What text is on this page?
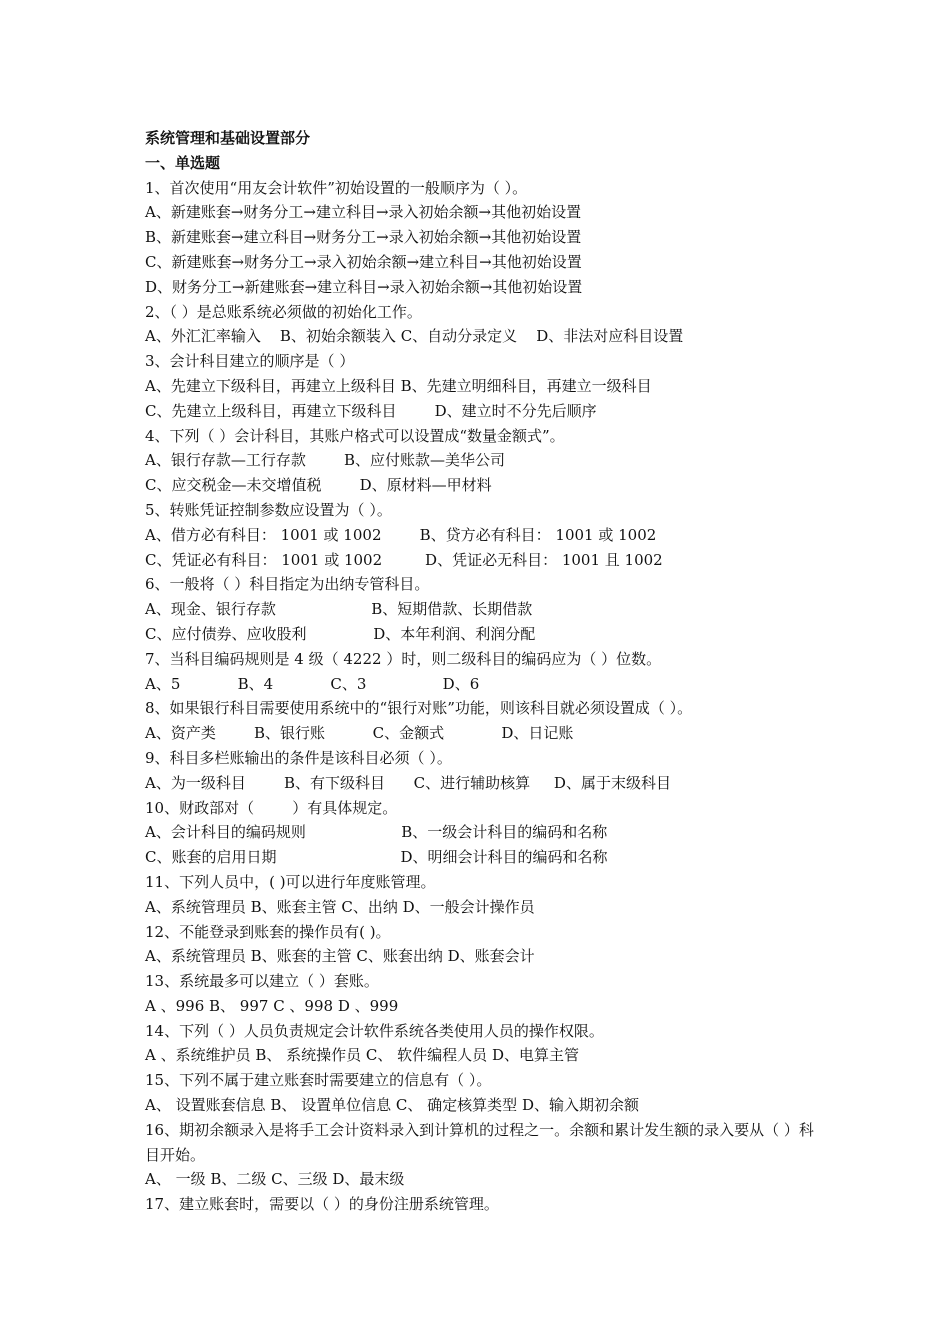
系统管理和基础设置部分
一、单选题
1、首次使用“用友会计软件”初始设置的一般顺序为（ ）。
A、新建账套→财务分工→建立科目→录入初始余额→其他初始设置
B、新建账套→建立科目→财务分工→录入初始余额→其他初始设置
C、新建账套→财务分工→录入初始余额→建立科目→其他初始设置
D、财务分工→新建账套→建立科目→录入初始余额→其他初始设置
2、（ ）是总账系统必须做的初始化工作。
A、外汇汇率输入    B、初始余额装入 C、自动分录定义    D、非法对应科目设置
3、会计科目建立的顺序是（ ）
A、先建立下级科目，再建立上级科目 B、先建立明细科目，再建立一级科目
C、先建立上级科目，再建立下级科目        D、建立时不分先后顺序
4、下列（ ）会计科目，其账户格式可以设置成“数量金额式”。
A、银行存款—工行存款        B、应付账款—美华公司
C、应交税金—未交增值税        D、原材料—甲材料
5、转账凭证控制参数应设置为（ ）。
A、借方必有科目： 1001 或 1002        B、贷方必有科目： 1001 或 1002
C、凭证必有科目： 1001 或 1002         D、凭证必无科目： 1001 且 1002
6、一般将（ ）科目指定为出纳专管科目。
A、现金、银行存款                    B、短期借款、长期借款
C、应付债券、应收股利              D、本年利润、利润分配
7、当科目编码规则是 4 级（ 4222 ）时，则二级科目的编码应为（ ）位数。
A、5            B、4            C、3                D、6
8、如果银行科目需要使用系统中的“银行对账”功能，则该科目就必须设置成（ ）。
A、资产类        B、银行账          C、金额式            D、日记账
9、科目多栏账输出的条件是该科目必须（ ）。
A、为一级科目        B、有下级科目      C、进行辅助核算     D、属于末级科目
10、财政部对（        ）有具体规定。
A、会计科目的编码规则                    B、一级会计科目的编码和名称
C、账套的启用日期                          D、明细会计科目的编码和名称
11、下列人员中，( )可以进行年度账管理。
A、系统管理员 B、账套主管 C、出纳 D、一般会计操作员
12、不能登录到账套的操作员有( )。
A、系统管理员 B、账套的主管 C、账套出纳 D、账套会计
13、系统最多可以建立（ ）套账。
A 、996 B、 997 C 、998 D 、999
14、下列（ ）人员负责规定会计软件系统各类使用人员的操作权限。
A 、系统维护员 B、 系统操作员 C、 软件编程人员 D、电算主管
15、下列不属于建立账套时需要建立的信息有（ ）。
A、 设置账套信息 B、 设置单位信息 C、 确定核算类型 D、输入期初余额
16、期初余额录入是将手工会计资料录入到计算机的过程之一。余额和累计发生额的录入要从（ ）科目开始。
A、 一级 B、二级 C、三级 D、最末级
17、建立账套时，需要以（ ）的身份注册系统管理。
